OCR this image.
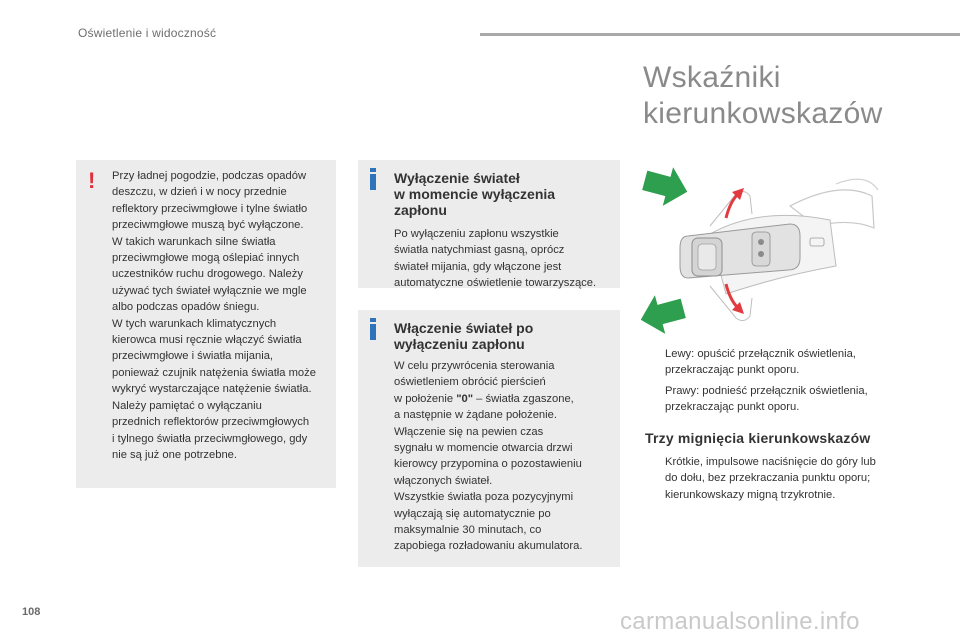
Oświetlenie i widoczność
Wskaźniki
kierunkowskazów
! Przy ładnej pogodzie, podczas opadów

deszczu, w dzień i w nocy przednie

reflektory przeciwmgłowe i tylne światło

przeciwmgłowe muszą być wyłączone.

W takich warunkach silne światła

przeciwmgłowe mogą oślepiać innych

uczestników ruchu drogowego. Należy

używać tych świateł wyłącznie we mgle

albo podczas opadów śniegu.

W tych warunkach klimatycznych

kierowca musi ręcznie włączyć światła

przeciwmgłowe i światła mijania,

ponieważ czujnik natężenia światła może

wykryć wystarczające natężenie światła.

Należy pamiętać o wyłączaniu

przednich reflektorów przeciwmgłowych

i tylnego światła przeciwmgłowego, gdy

nie są już one potrzebne.

Wyłączenie świateł
w momencie wyłączenia
zapłonu
Po wyłączeniu zapłonu wszystkie
światła natychmiast gasną, oprócz
świateł mijania, gdy włączone jest
automatyczne oświetlenie towarzyszące.
Włączenie świateł po
wyłączeniu zapłonu
W celu przywrócenia sterowania
oświetleniem obrócić pierścień
w położenie "0" – światła zgaszone,
a następnie w żądane położenie.
Włączenie się na pewien czas
sygnału w momencie otwarcia drzwi
kierowcy przypomina o pozostawieniu
włączonych świateł.
Wszystkie światła poza pozycyjnymi
wyłączają się automatycznie po
maksymalnie 30 minutach, co
zapobiega rozładowaniu akumulatora.
Lewy: opuścić przełącznik oświetlenia,
przekraczając punkt oporu.
Prawy: podnieść przełącznik oświetlenia,
przekraczając punkt oporu.
Trzy mignięcia kierunkowskazów
Krótkie, impulsowe naciśnięcie do góry lub
do dołu, bez przekraczania punktu oporu;
kierunkowskazy migną trzykrotnie.
108	carmanualsonline.info
